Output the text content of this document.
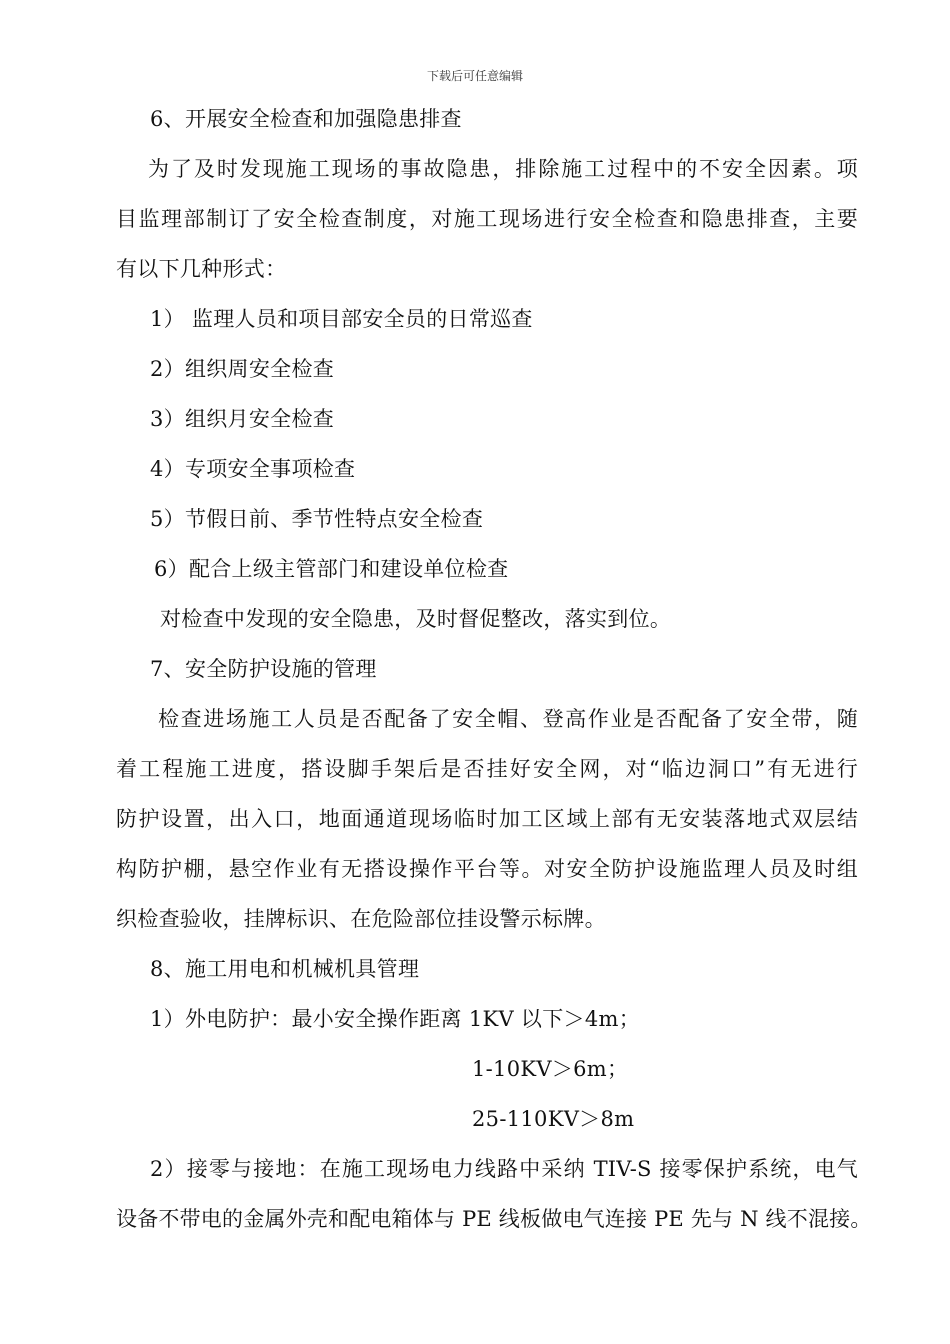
下载后可任意编辑
6、开展安全检查和加强隐患排查
为了及时发现施工现场的事故隐患，排除施工过程中的不安全因素。项
目监理部制订了安全检查制度，对施工现场进行安全检查和隐患排查，主要
有以下几种形式：
1） 监理人员和项目部安全员的日常巡查
2）组织周安全检查
3）组织月安全检查
4）专项安全事项检查
5）节假日前、季节性特点安全检查
6）配合上级主管部门和建设单位检查
对检查中发现的安全隐患，及时督促整改，落实到位。
7、安全防护设施的管理
检查进场施工人员是否配备了安全帽、登高作业是否配备了安全带，随
着工程施工进度，搭设脚手架后是否挂好安全网，对“临边洞口”有无进行
防护设置，出入口，地面通道现场临时加工区域上部有无安装落地式双层结
构防护棚，悬空作业有无搭设操作平台等。对安全防护设施监理人员及时组
织检查验收，挂牌标识、在危险部位挂设警示标牌。
8、施工用电和机械机具管理
1）外电防护：最小安全操作距离 1KV 以下＞4m；
1-10KV＞6m；
25-110KV＞8m
2）接零与接地：在施工现场电力线路中采纳 TIV-S 接零保护系统，电气
设备不带电的金属外壳和配电箱体与 PE 线板做电气连接 PE 先与 N 线不混接。
